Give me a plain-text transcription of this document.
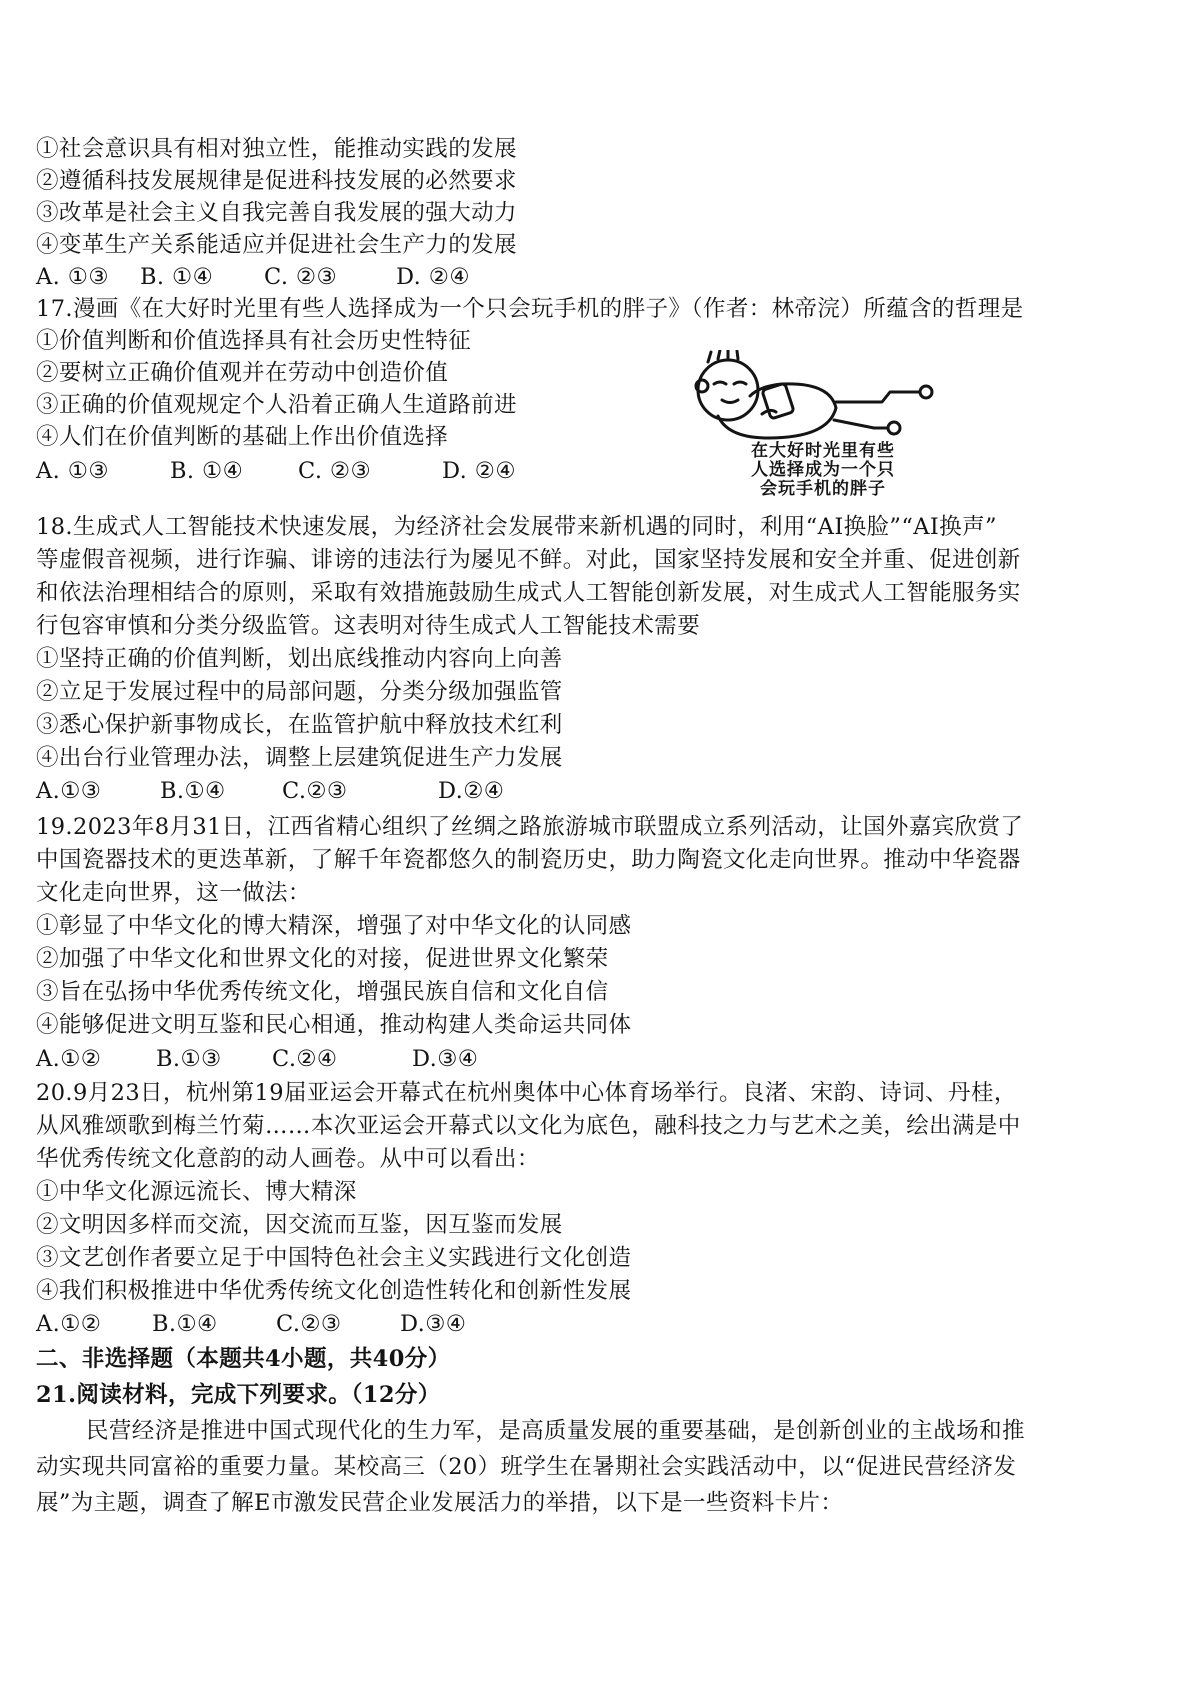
①社会意识具有相对独立性，能推动实践的发展

②遵循科技发展规律是促进科技发展的必然要求

③改革是社会主义自我完善自我发展的强大动力

④变革生产关系能适应并促进社会生产力的发展

A. ①③ B. ①④ C. ②③	D. ②④

17.漫画《在大好时光里有些人选择成为一个只会玩手机的胖子》（作者：林帝浣）所蕴含的哲理是

①价值判断和价值选择具有社会历史性特征

②要树立正确价值观并在劳动中创造价值

③正确的价值观规定个人沿着正确人生道路前进

④人们在价值判断的基础上作出价值选择

A. ①③	B. ①④ C. ②③	D. ②④

在大好时光里有些

人选择成为一个只

会玩手机的胖子

18.生成式人工智能技术快速发展，为经济社会发展带来新机遇的同时，利用“AI换脸”“AI换声”

等虚假音视频，进行诈骗、诽谤的违法行为屡见不鲜。对此，国家坚持发展和安全并重、促进创新

和依法治理相结合的原则，采取有效措施鼓励生成式人工智能创新发展，对生成式人工智能服务实

行包容审慎和分类分级监管。这表明对待生成式人工智能技术需要

①坚持正确的价值判断，划出底线推动内容向上向善

②立足于发展过程中的局部问题，分类分级加强监管

③悉心保护新事物成长，在监管护航中释放技术红利

④出台行业管理办法，调整上层建筑促进生产力发展

A.①③	B.①④	C.②③	D.②④

19.2023年8月31日，江西省精心组织了丝绸之路旅游城市联盟成立系列活动，让国外嘉宾欣赏了

中国瓷器技术的更迭革新，了解千年瓷都悠久的制瓷历史，助力陶瓷文化走向世界。推动中华瓷器

文化走向世界，这一做法：

①彰显了中华文化的博大精深，增强了对中华文化的认同感

②加强了中华文化和世界文化的对接，促进世界文化繁荣

③旨在弘扬中华优秀传统文化，增强民族自信和文化自信

④能够促进文明互鉴和民心相通，推动构建人类命运共同体

A.①② B.①③ C.②④	D.③④

20.9月23日，杭州第19届亚运会开幕式在杭州奥体中心体育场举行。良渚、宋韵、诗词、丹桂，

从风雅颂歌到梅兰竹菊……本次亚运会开幕式以文化为底色，融科技之力与艺术之美，绘出满是中

华优秀传统文化意韵的动人画卷。从中可以看出：

①中华文化源远流长、博大精深

②文明因多样而交流，因交流而互鉴，因互鉴而发展

③文艺创作者要立足于中国特色社会主义实践进行文化创造

④我们积极推进中华优秀传统文化创造性转化和创新性发展

A.①② B.①④	C.②③	D.③④

二、非选择题（本题共4小题，共40分）

21.阅读材料，完成下列要求。（12分）

民营经济是推进中国式现代化的生力军，是高质量发展的重要基础，是创新创业的主战场和推

动实现共同富裕的重要力量。某校高三（20）班学生在暑期社会实践活动中，以“促进民营经济发

展”为主题，调查了解E市激发民营企业发展活力的举措，以下是一些资料卡片：
